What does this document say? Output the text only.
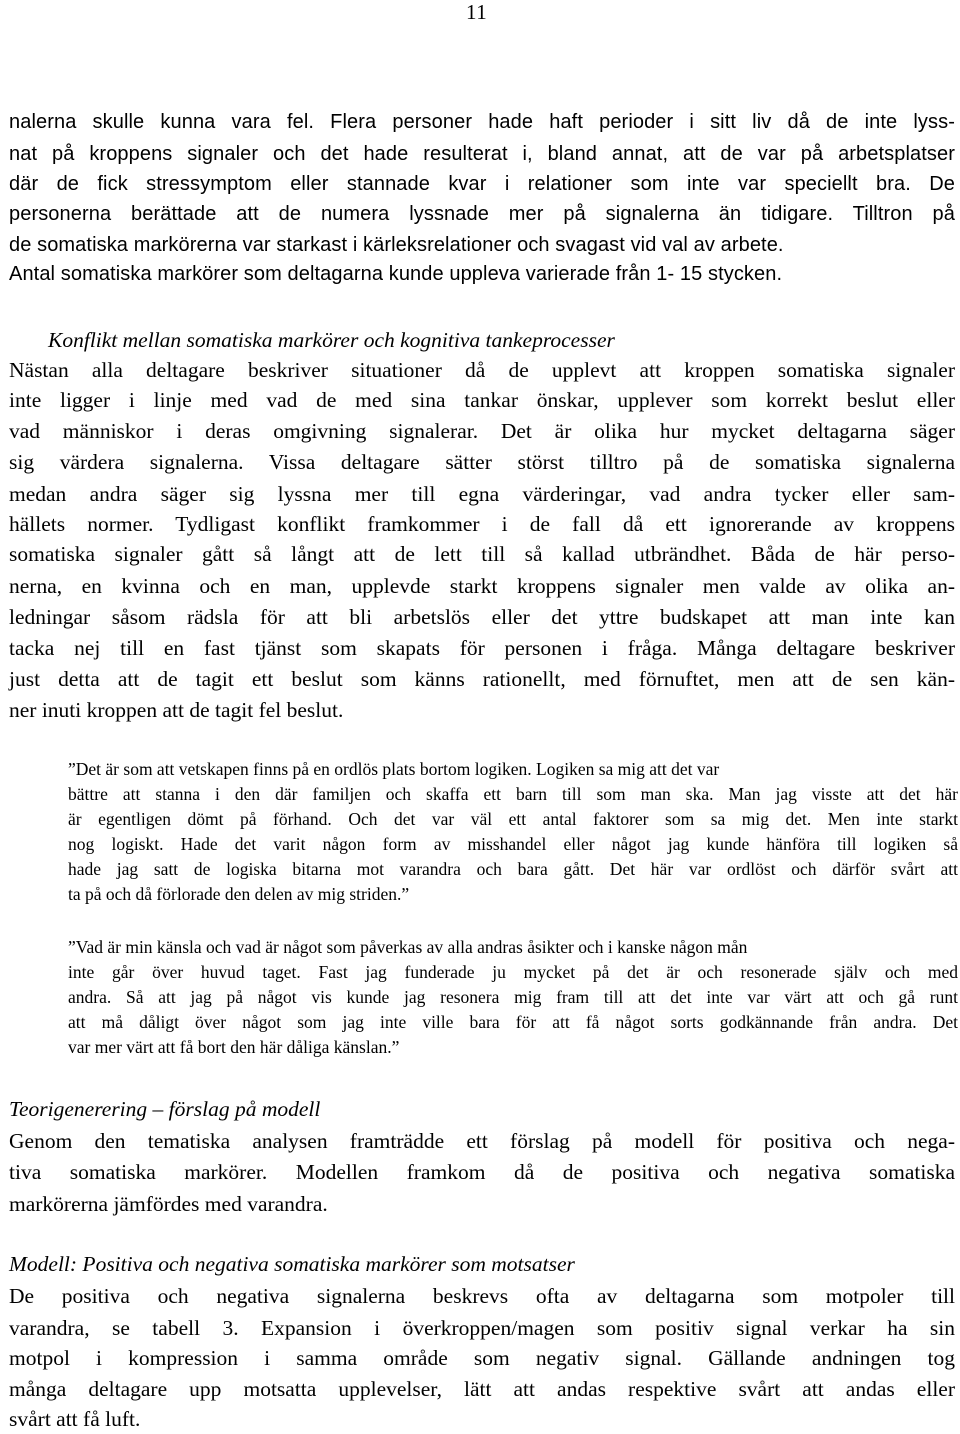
11
nalerna skulle kunna vara fel. Flera personer hade haft perioder i sitt liv då de inte lyss-
nat på kroppens signaler och det hade resulterat i, bland annat, att de var på arbetsplatser
där de fick stressymptom eller stannade kvar i relationer som inte var speciellt bra. De
personerna berättade att de numera lyssnade mer på signalerna än tidigare. Tilltron på
de somatiska markörerna var starkast i kärleksrelationer och svagast vid val av arbete.
Antal somatiska markörer som deltagarna kunde uppleva varierade från 1- 15 stycken.
Konflikt mellan somatiska markörer och kognitiva tankeprocesser
Nästan alla deltagare beskriver situationer då de upplevt att kroppen somatiska signaler
inte ligger i linje med vad de med sina tankar önskar, upplever som korrekt beslut eller
vad människor i deras omgivning signalerar. Det är olika hur mycket deltagarna säger
sig värdera signalerna. Vissa deltagare sätter störst tilltro på de somatiska signalerna
medan andra säger sig lyssna mer till egna värderingar, vad andra tycker eller sam-
hällets normer. Tydligast konflikt framkommer i de fall då ett ignorerande av kroppens
somatiska signaler gått så långt att de lett till så kallad utbrändhet. Båda de här perso-
nerna, en kvinna och en man, upplevde starkt kroppens signaler men valde av olika an-
ledningar såsom rädsla för att bli arbetslös eller det yttre budskapet att man inte kan
tacka nej till en fast tjänst som skapats för personen i fråga. Många deltagare beskriver
just detta att de tagit ett beslut som känns rationellt, med förnuftet, men att de sen kän-
ner inuti kroppen att de tagit fel beslut.
”Det är som att vetskapen finns på en ordlös plats bortom logiken. Logiken sa mig att det var
bättre att stanna i den där familjen och skaffa ett barn till som man ska. Man jag visste att det här
är egentligen dömt på förhand. Och det var väl ett antal faktorer som sa mig det. Men inte starkt
nog logiskt. Hade det varit någon form av misshandel eller något jag kunde hänföra till logiken så
hade jag satt de logiska bitarna mot varandra och bara gått. Det här var ordlöst och därför svårt att
ta på och då förlorade den delen av mig striden.”
”Vad är min känsla och vad är något som påverkas av alla andras åsikter och i kanske någon mån
inte går över huvud taget. Fast jag funderade ju mycket på det är och resonerade själv och med
andra. Så att jag på något vis kunde jag resonera mig fram till att det inte var värt att och gå runt
att må dåligt över något som jag inte ville bara för att få något sorts godkännande från andra. Det
var mer värt att få bort den här dåliga känslan.”
Teorigenerering – förslag på modell
Genom den tematiska analysen framträdde ett förslag på modell för positiva och nega-
tiva somatiska markörer. Modellen framkom då de positiva och negativa somatiska
markörerna jämfördes med varandra.
Modell: Positiva och negativa somatiska markörer som motsatser
De positiva och negativa signalerna beskrevs ofta av deltagarna som motpoler till
varandra, se tabell 3. Expansion i överkroppen/magen som positiv signal verkar ha sin
motpol i kompression i samma område som negativ signal. Gällande andningen tog
många deltagare upp motsatta upplevelser, lätt att andas respektive svårt att andas eller
svårt att få luft.
